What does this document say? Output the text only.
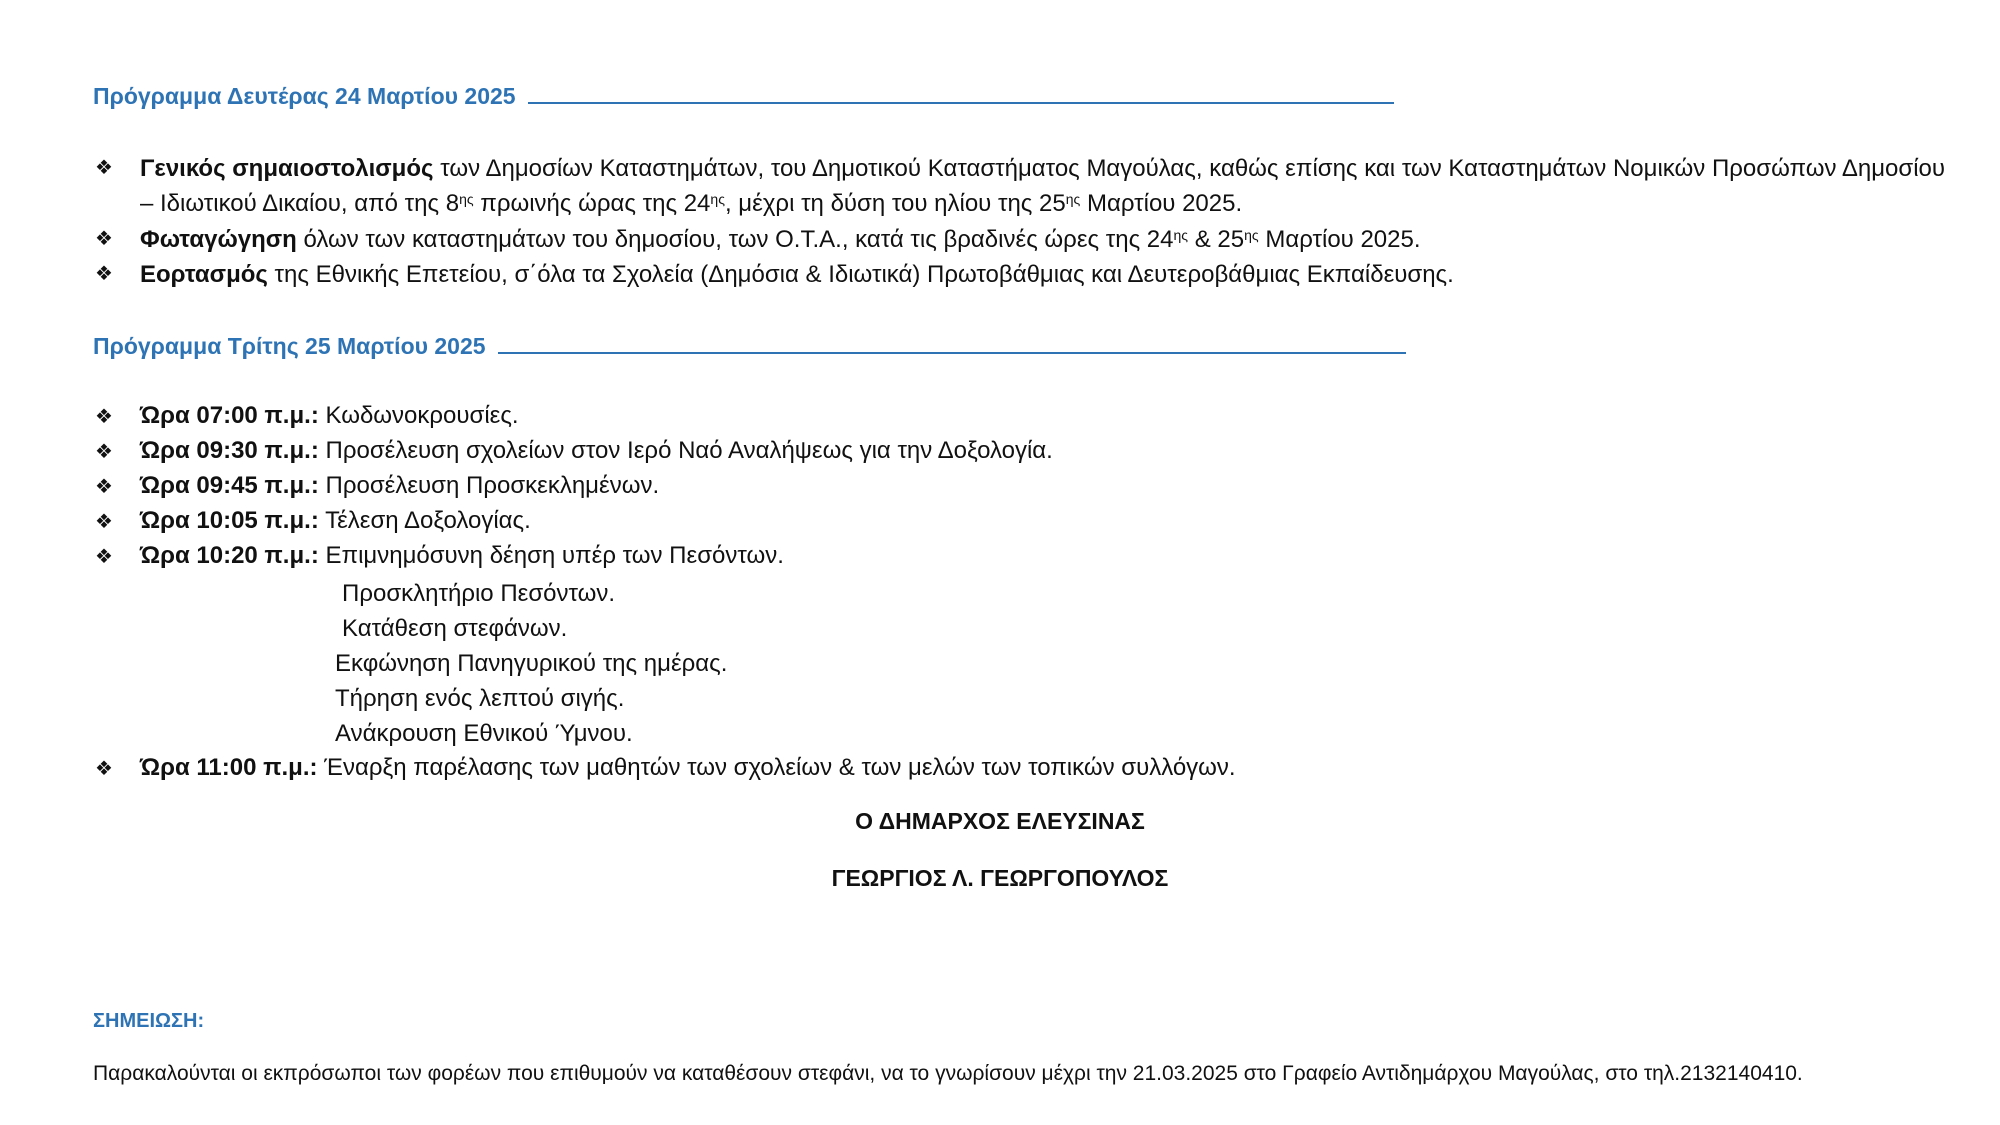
Πρόγραμμα Δευτέρας 24 Μαρτίου 2025
❖	Γενικός σημαιοστολισμός των Δημοσίων Καταστημάτων, του Δημοτικού Καταστήματος Μαγούλας, καθώς επίσης και των Καταστημάτων Νομικών Προσώπων Δημοσίου – Ιδιωτικού Δικαίου, από της $8^{\eta\varsigma}$ πρωινής ώρας της $24^{\eta\varsigma}$, μέχρι τη δύση του ηλίου της $25^{\eta\varsigma}$ Μαρτίου 2025.
❖	Φωταγώγηση όλων των καταστημάτων του δημοσίου, των Ο.Τ.Α., κατά τις βραδινές ώρες της $24^{\eta\varsigma}$ & $25^{\eta\varsigma}$ Μαρτίου 2025.
❖	Εορτασμός της Εθνικής Επετείου, σ΄όλα τα Σχολεία (Δημόσια & Ιδιωτικά) Πρωτοβάθμιας και Δευτεροβάθμιας Εκπαίδευσης.
Πρόγραμμα Τρίτης 25 Μαρτίου 2025
❖ Ώρα 07:00 π.μ.: Κωδωνοκρουσίες.
❖ Ώρα 09:30 π.μ.: Προσέλευση σχολείων στον Ιερό Ναό Αναλήψεως για την Δοξολογία.
❖ Ώρα 09:45 π.μ.: Προσέλευση Προσκεκλημένων.
❖ Ώρα 10:05 π.μ.: Τέλεση Δοξολογίας.
❖ Ώρα 10:20 π.μ.: Επιμνημόσυνη δέηση υπέρ των Πεσόντων.
Προσκλητήριο Πεσόντων.
Κατάθεση στεφάνων.
Εκφώνηση Πανηγυρικού της ημέρας.
Τήρηση ενός λεπτού σιγής.
Ανάκρουση Εθνικού Ύμνου.
❖ Ώρα 11:00 π.μ.: Έναρξη παρέλασης των μαθητών των σχολείων & των μελών των τοπικών συλλόγων.
Ο ΔΗΜΑΡΧΟΣ ΕΛΕΥΣΙΝΑΣ
ΓΕΩΡΓΙΟΣ Λ. ΓΕΩΡΓΟΠΟΥΛΟΣ
ΣΗΜΕΙΩΣΗ:
Παρακαλούνται οι εκπρόσωποι των φορέων που επιθυμούν να καταθέσουν στεφάνι, να το γνωρίσουν μέχρι την 21.03.2025 στο Γραφείο Αντιδημάρχου Μαγούλας, στο τηλ.2132140410.
